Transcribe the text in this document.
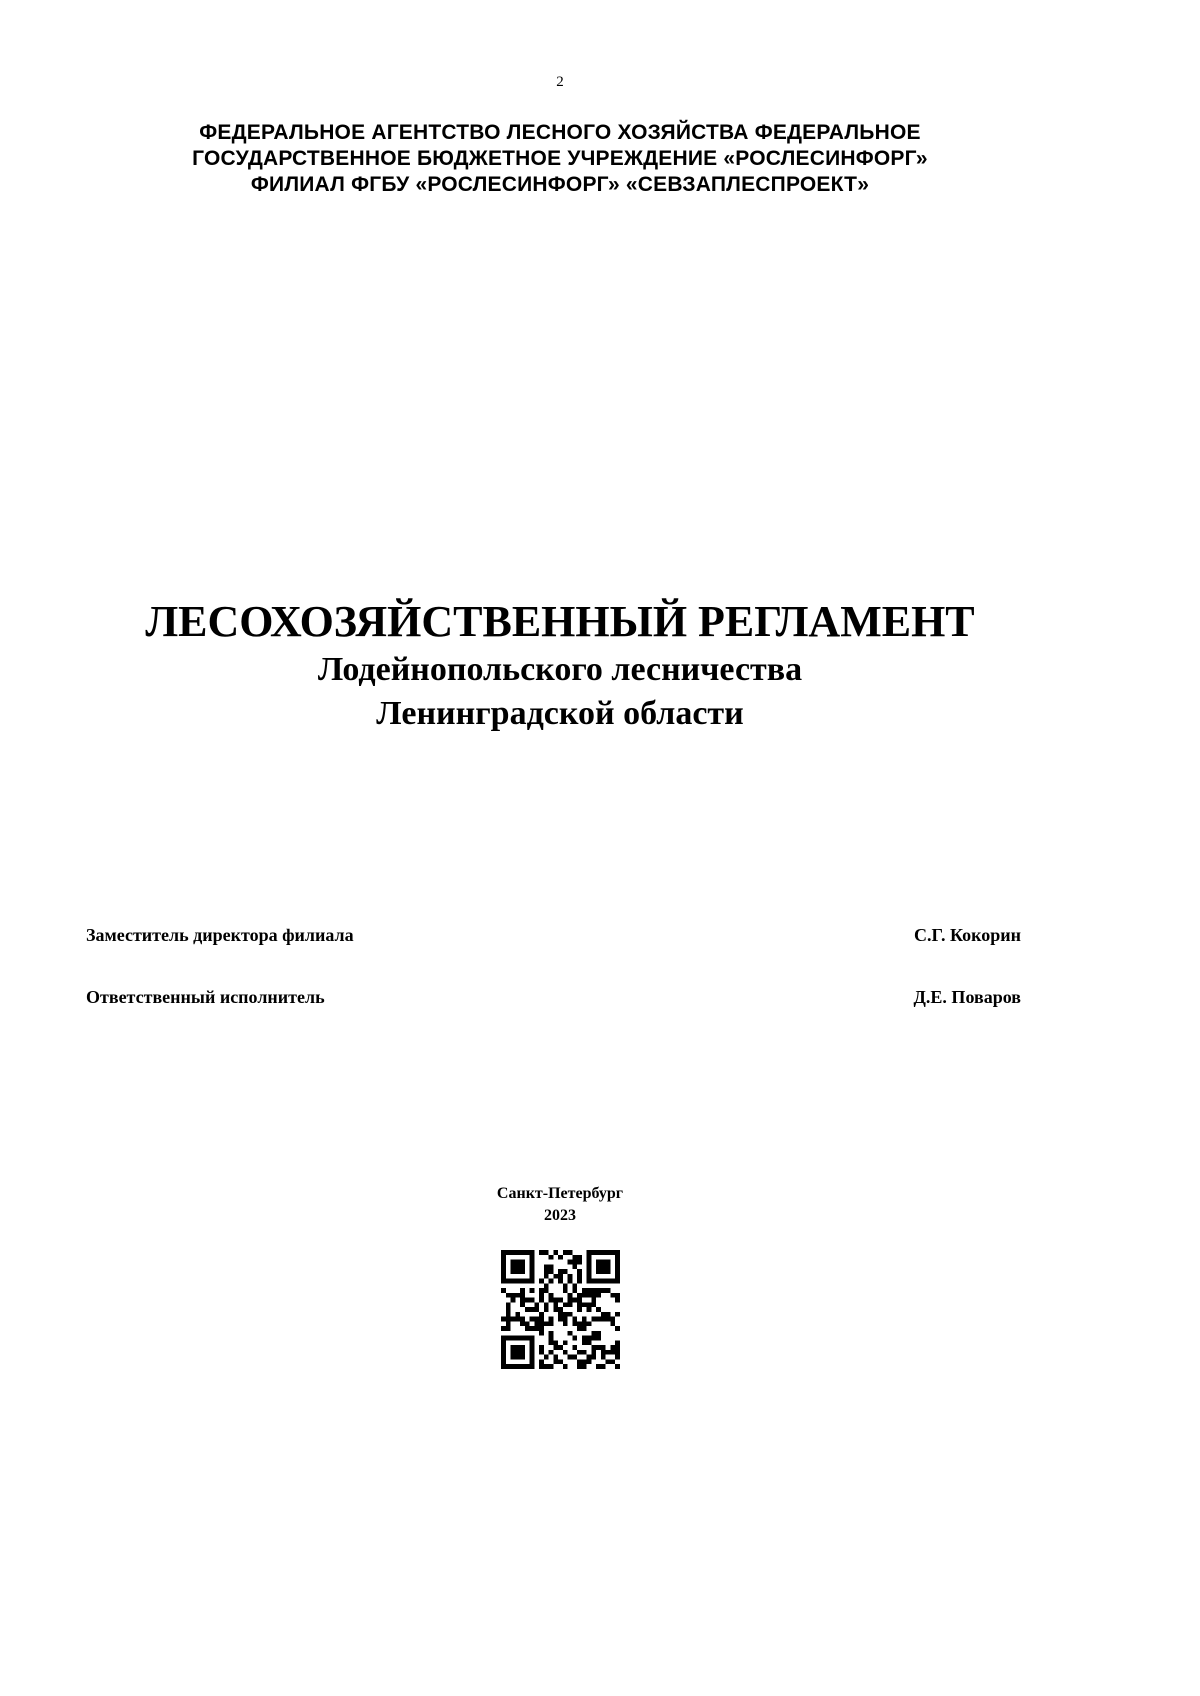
2
ФЕДЕРАЛЬНОЕ АГЕНТСТВО ЛЕСНОГО ХОЗЯЙСТВА ФЕДЕРАЛЬНОЕ
ГОСУДАРСТВЕННОЕ БЮДЖЕТНОЕ УЧРЕЖДЕНИЕ «РОСЛЕСИНФОРГ»
ФИЛИАЛ ФГБУ «РОСЛЕСИНФОРГ» «СЕВЗАПЛЕСПРОЕКТ»
ЛЕСОХОЗЯЙСТВЕННЫЙ РЕГЛАМЕНТ
Лодейнопольского лесничества
Ленинградской области
Заместитель директора филиала	С.Г. Кокорин
Ответственный исполнитель	Д.Е. Поваров
Санкт-Петербург
2023
